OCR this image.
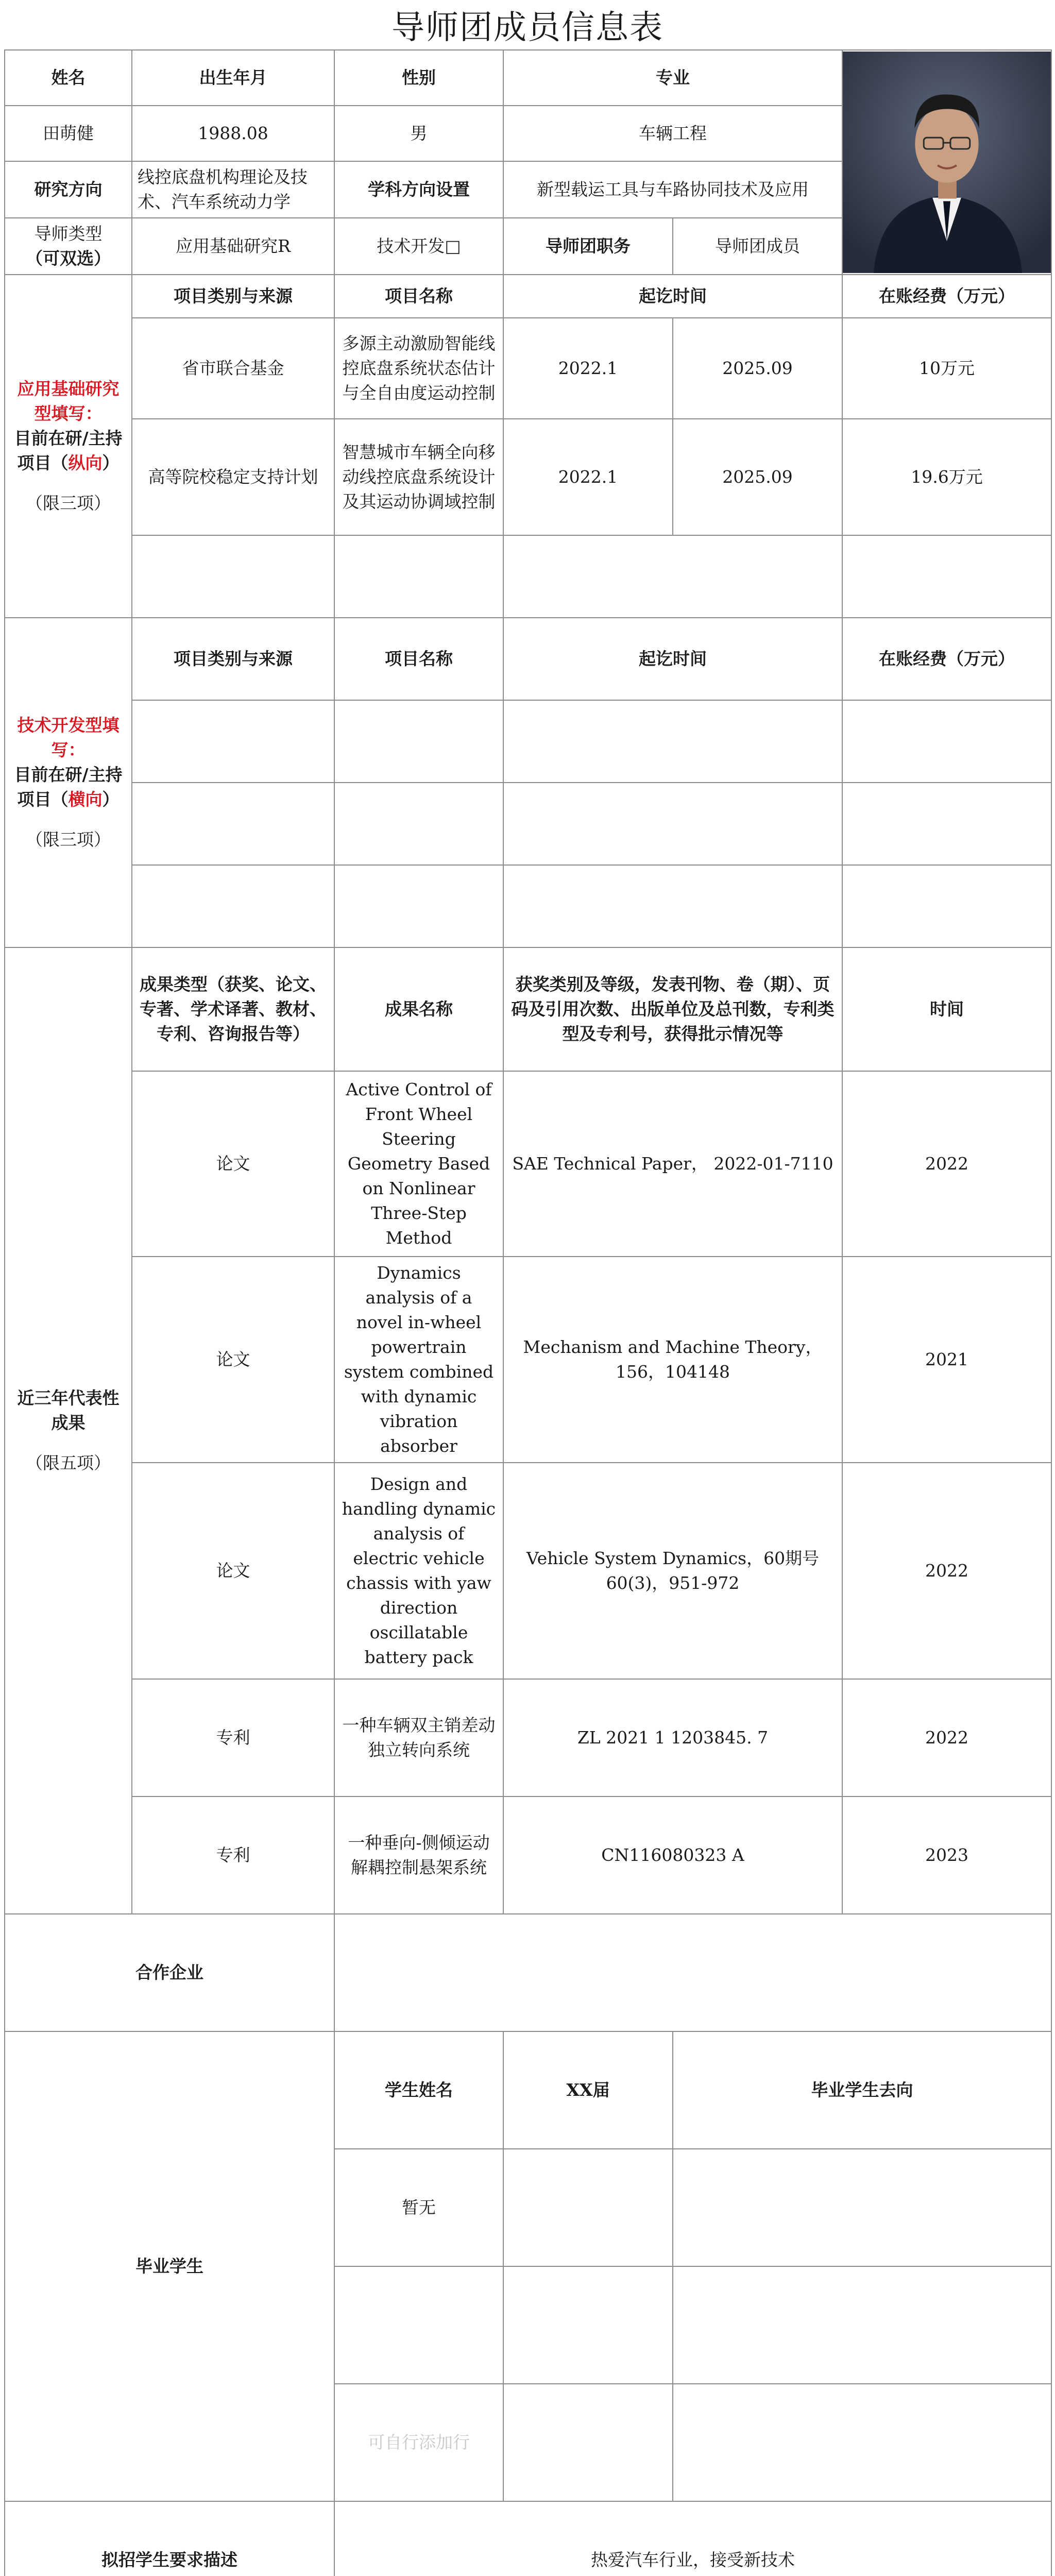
导师团成员信息表
姓名	出生年月	性别	专业	

田萌健	1988.08	男	车辆工程		
研究方向	线控底盘机构理论及技术、汽车系统动力学	学科方向设置	新型载运工具与车路协同技术及应用		

导师类型
（可双选）	应用基础研究R	技术开发□	导师团职务	导师团成员	

应用基础研究型填写：
目前在研/主持项目（纵向）
（限三项）	项目类别与来源	项目名称	起讫时间		在账经费（万元）
	省市联合基金	多源主动激励智能线控底盘系统状态估计与全自由度运动控制	2022.1	2025.09	10万元
	高等院校稳定支持计划	智慧城市车辆全向移动线控底盘系统设计及其运动协调域控制	2022.1	2025.09	19.6万元

技术开发型填写：
目前在研/主持项目（横向）
（限三项）	项目类别与来源	项目名称	起讫时间		在账经费（万元）

近三年代表性成果
（限五项）	成果类型（获奖、论文、专著、学术译著、教材、专利、咨询报告等）	成果名称	获奖类别及等级，发表刊物、卷（期）、页码及引用次数、出版单位及总刊数，专利类型及专利号，获得批示情况等		时间
	论文	Active Control of Front Wheel Steering Geometry Based on Nonlinear Three-Step Method	SAE Technical Paper， 2022-01-7110		2022
	论文	Dynamics analysis of a novel in-wheel powertrain system combined with dynamic vibration absorber	Mechanism and Machine Theory， 156，104148		2021
	论文	Design and handling dynamic analysis of electric vehicle chassis with yaw direction oscillatable battery pack	Vehicle System Dynamics，60期号 60(3)，951-972		2022
	专利	一种车辆双主销差动独立转向系统	ZL 2021 1 1203845. 7		2022
	专利	一种垂向-侧倾运动解耦控制悬架系统	CN116080323 A		2023
合作企业					
毕业学生		学生姓名	XX届	毕业学生去向	
		暂无			

		可自行添加行			
拟招学生要求描述		热爱汽车行业，接受新技术			
